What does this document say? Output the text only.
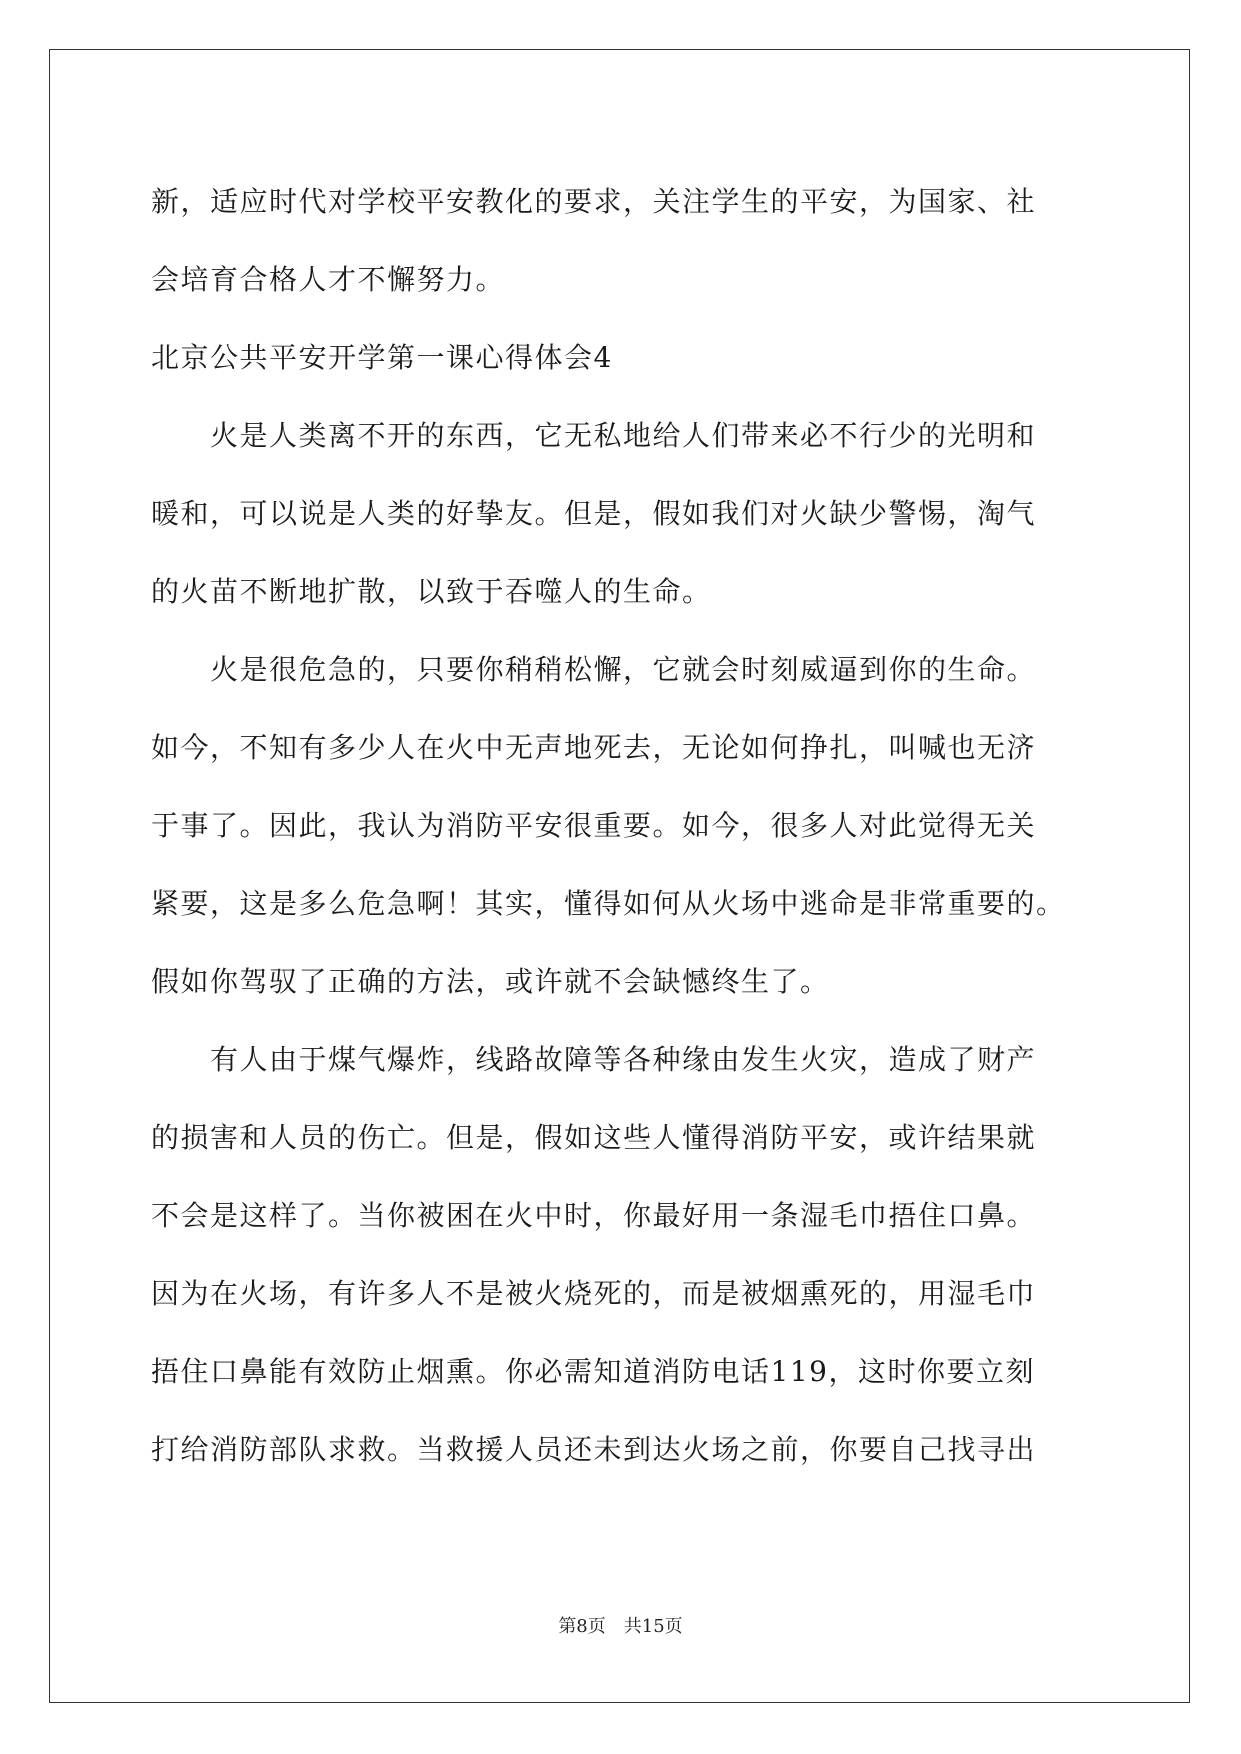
新，适应时代对学校平安教化的要求，关注学生的平安，为国家、社
会培育合格人才不懈努力。
北京公共平安开学第一课心得体会4
　　火是人类离不开的东西，它无私地给人们带来必不行少的光明和
暖和，可以说是人类的好挚友。但是，假如我们对火缺少警惕，淘气
的火苗不断地扩散，以致于吞噬人的生命。
　　火是很危急的，只要你稍稍松懈，它就会时刻威逼到你的生命。
如今，不知有多少人在火中无声地死去，无论如何挣扎，叫喊也无济
于事了。因此，我认为消防平安很重要。如今，很多人对此觉得无关
紧要，这是多么危急啊！其实，懂得如何从火场中逃命是非常重要的。
假如你驾驭了正确的方法，或许就不会缺憾终生了。
　　有人由于煤气爆炸，线路故障等各种缘由发生火灾，造成了财产
的损害和人员的伤亡。但是，假如这些人懂得消防平安，或许结果就
不会是这样了。当你被困在火中时，你最好用一条湿毛巾捂住口鼻。
因为在火场，有许多人不是被火烧死的，而是被烟熏死的，用湿毛巾
捂住口鼻能有效防止烟熏。你必需知道消防电话119，这时你要立刻
打给消防部队求救。当救援人员还未到达火场之前，你要自己找寻出
第8页　共15页
